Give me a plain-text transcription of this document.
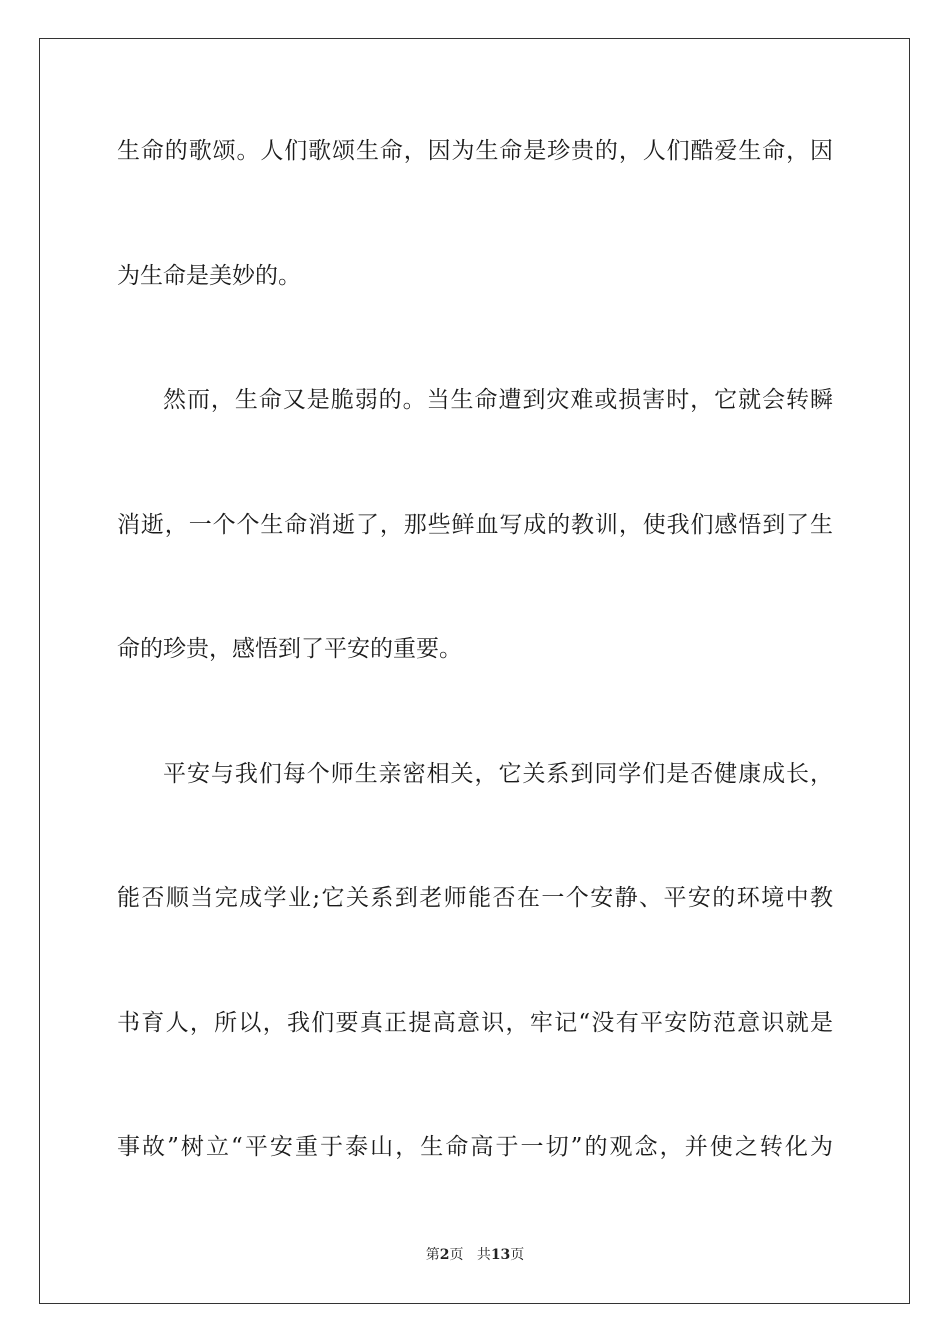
生命的歌颂。人们歌颂生命，因为生命是珍贵的，人们酷爱生命，因
为生命是美妙的。
然而，生命又是脆弱的。当生命遭到灾难或损害时，它就会转瞬
消逝，一个个生命消逝了，那些鲜血写成的教训，使我们感悟到了生
命的珍贵，感悟到了平安的重要。
平安与我们每个师生亲密相关，它关系到同学们是否健康成长，
能否顺当完成学业;它关系到老师能否在一个安静、平安的环境中教
书育人，所以，我们要真正提高意识，牢记“没有平安防范意识就是
事故”树立“平安重于泰山，生命高于一切”的观念，并使之转化为
第2页 共13页
